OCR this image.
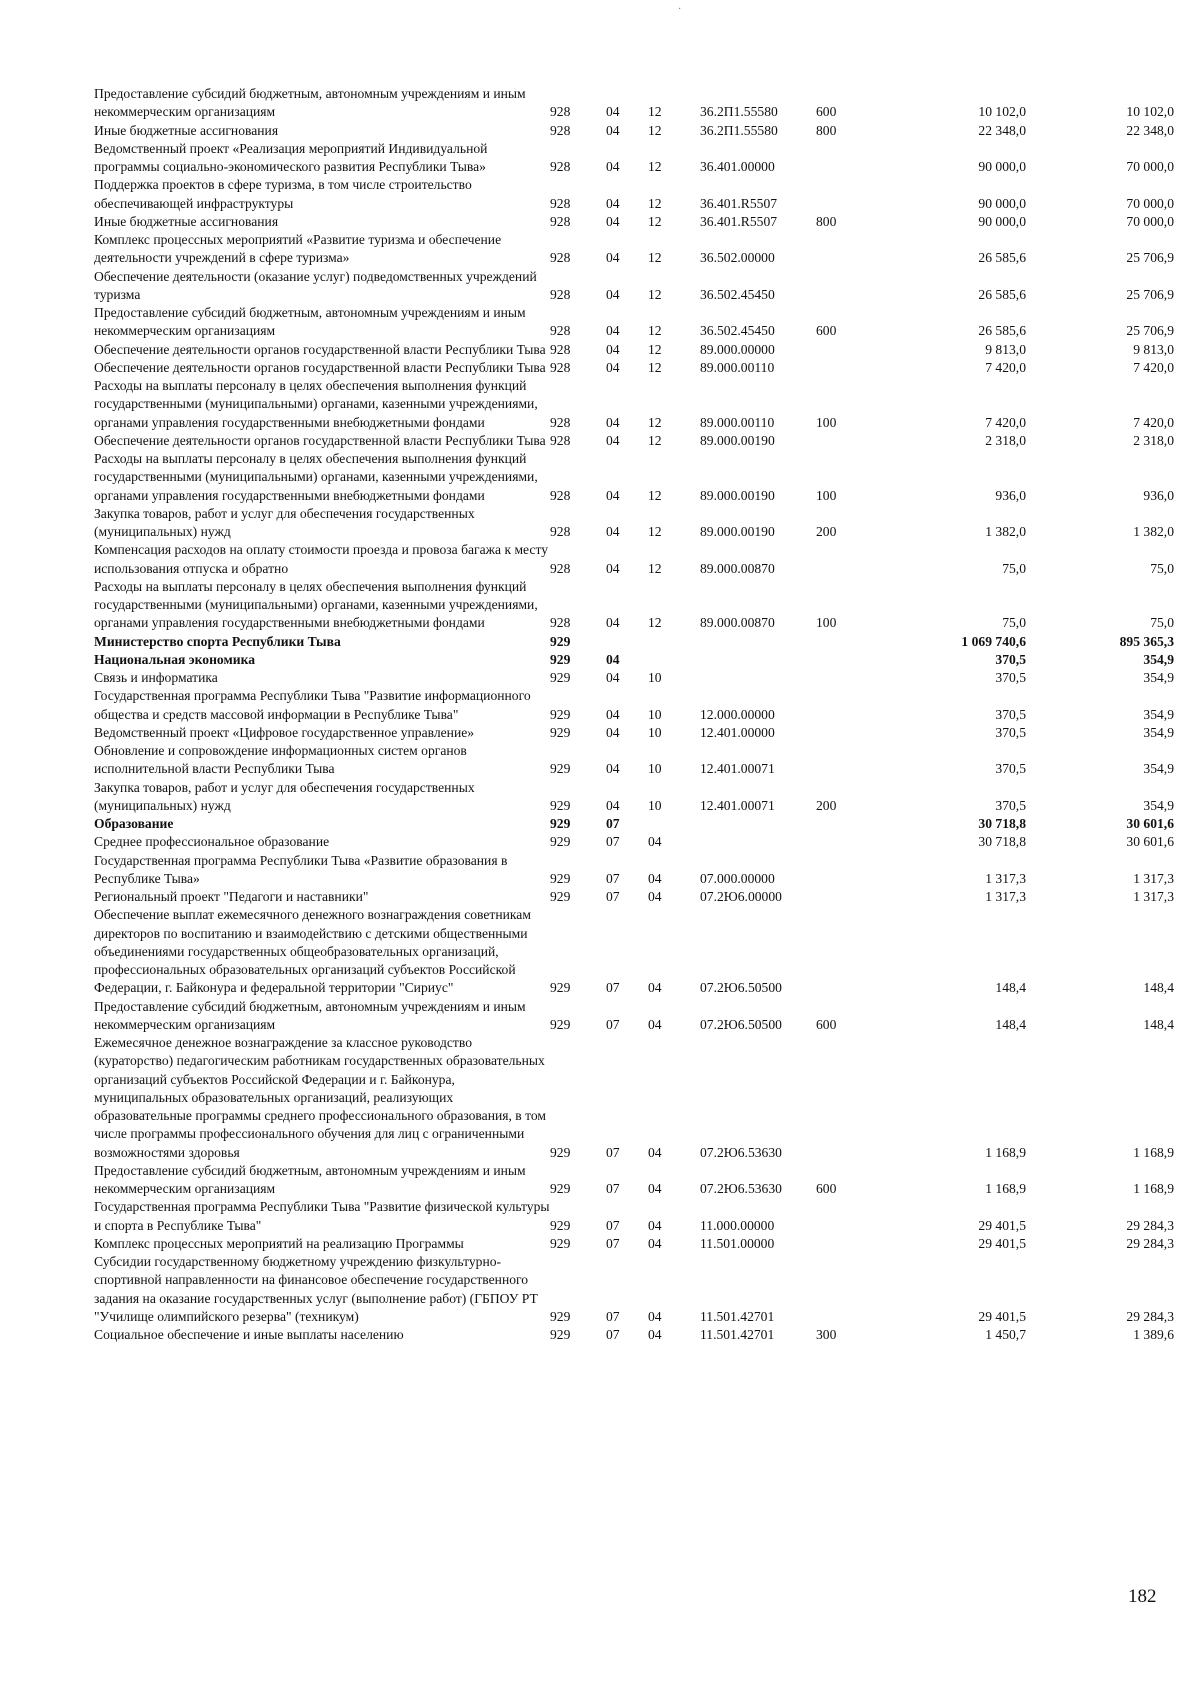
·
Предоставление субсидий бюджетным, автономным учреждениям и иным некоммерческим организациям	928	04	12	36.2П1.55580	600	10 102,0	10 102,0
Иные бюджетные ассигнования	928	04	12	36.2П1.55580	800	22 348,0	22 348,0
Ведомственный проект «Реализация мероприятий Индивидуальной программы социально-экономического развития Республики Тыва»	928	04	12	36.401.00000		90 000,0	70 000,0
Поддержка проектов в сфере туризма, в том числе строительство обеспечивающей инфраструктуры	928	04	12	36.401.R5507		90 000,0	70 000,0
Иные бюджетные ассигнования	928	04	12	36.401.R5507	800	90 000,0	70 000,0
Комплекс процессных мероприятий «Развитие туризма и обеспечение деятельности учреждений в сфере туризма»	928	04	12	36.502.00000		26 585,6	25 706,9
Обеспечение деятельности (оказание услуг) подведомственных учреждений туризма	928	04	12	36.502.45450		26 585,6	25 706,9
Предоставление субсидий бюджетным, автономным учреждениям и иным некоммерческим организациям	928	04	12	36.502.45450	600	26 585,6	25 706,9
Обеспечение деятельности органов государственной власти Республики Тыва	928	04	12	89.000.00000		9 813,0	9 813,0
Обеспечение деятельности органов государственной власти Республики Тыва	928	04	12	89.000.00110		7 420,0	7 420,0
Расходы на выплаты персоналу в целях обеспечения выполнения функций государственными (муниципальными) органами, казенными учреждениями, органами управления государственными внебюджетными фондами	928	04	12	89.000.00110	100	7 420,0	7 420,0
Обеспечение деятельности органов государственной власти Республики Тыва	928	04	12	89.000.00190		2 318,0	2 318,0
Расходы на выплаты персоналу в целях обеспечения выполнения функций государственными (муниципальными) органами, казенными учреждениями, органами управления государственными внебюджетными фондами	928	04	12	89.000.00190	100	936,0	936,0
Закупка товаров, работ и услуг для обеспечения государственных (муниципальных) нужд	928	04	12	89.000.00190	200	1 382,0	1 382,0
Компенсация расходов на оплату стоимости проезда и провоза багажа к месту использования отпуска и обратно	928	04	12	89.000.00870		75,0	75,0
Расходы на выплаты персоналу в целях обеспечения выполнения функций государственными (муниципальными) органами, казенными учреждениями, органами управления государственными внебюджетными фондами	928	04	12	89.000.00870	100	75,0	75,0
Министерство спорта Республики Тыва	929					1 069 740,6	895 365,3
Национальная экономика	929	04				370,5	354,9
Связь и информатика	929	04	10			370,5	354,9
Государственная программа Республики Тыва "Развитие информационного общества и средств массовой информации в Республике Тыва"	929	04	10	12.000.00000		370,5	354,9
Ведомственный проект «Цифровое государственное управление»	929	04	10	12.401.00000		370,5	354,9
Обновление и сопровождение информационных систем органов исполнительной власти Республики Тыва	929	04	10	12.401.00071		370,5	354,9
Закупка товаров, работ и услуг для обеспечения государственных (муниципальных) нужд	929	04	10	12.401.00071	200	370,5	354,9
Образование	929	07				30 718,8	30 601,6
Среднее профессиональное образование	929	07	04			30 718,8	30 601,6
Государственная программа Республики Тыва «Развитие образования в Республике Тыва»	929	07	04	07.000.00000		1 317,3	1 317,3
Региональный проект "Педагоги и наставники"	929	07	04	07.2Ю6.00000		1 317,3	1 317,3
Обеспечение выплат ежемесячного денежного вознаграждения советникам директоров по воспитанию и взаимодействию с детскими общественными объединениями государственных общеобразовательных организаций, профессиональных образовательных организаций субъектов Российской Федерации, г. Байконура и федеральной территории "Сириус"	929	07	04	07.2Ю6.50500		148,4	148,4
Предоставление субсидий бюджетным, автономным учреждениям и иным некоммерческим организациям	929	07	04	07.2Ю6.50500	600	148,4	148,4
Ежемесячное денежное вознаграждение за классное руководство (кураторство) педагогическим работникам государственных образовательных организаций субъектов Российской Федерации и г. Байконура, муниципальных образовательных организаций, реализующих образовательные программы среднего профессионального образования, в том числе программы профессионального обучения для лиц с ограниченными возможностями здоровья	929	07	04	07.2Ю6.53630		1 168,9	1 168,9
Предоставление субсидий бюджетным, автономным учреждениям и иным некоммерческим организациям	929	07	04	07.2Ю6.53630	600	1 168,9	1 168,9
Государственная программа Республики Тыва "Развитие физической культуры и спорта в Республике Тыва"	929	07	04	11.000.00000		29 401,5	29 284,3
Комплекс процессных мероприятий на реализацию Программы	929	07	04	11.501.00000		29 401,5	29 284,3
Субсидии государственному бюджетному учреждению физкультурно-спортивной направленности на финансовое обеспечение государственного задания на оказание государственных услуг (выполнение работ) (ГБПОУ РТ "Училище олимпийского резерва" (техникум)	929	07	04	11.501.42701		29 401,5	29 284,3
Социальное обеспечение и иные выплаты населению	929	07	04	11.501.42701	300	1 450,7	1 389,6
182
